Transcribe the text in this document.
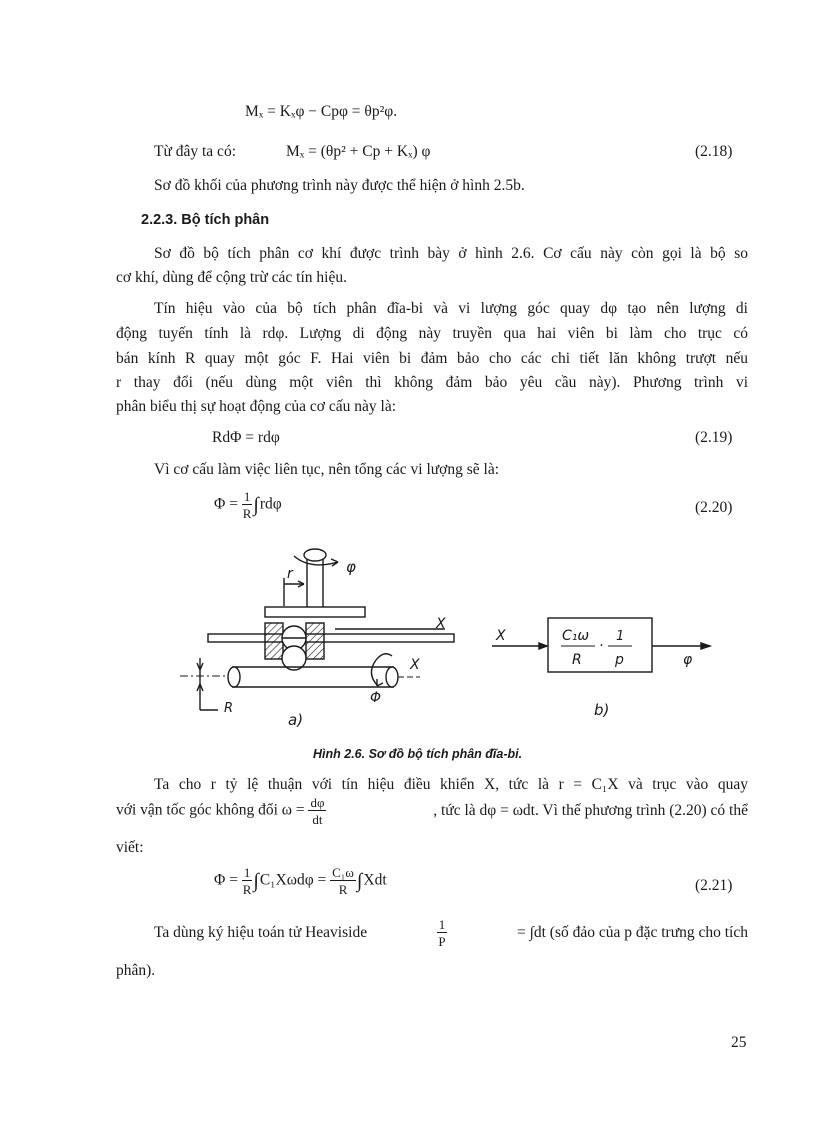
Mₓ = Kₓφ − Cpφ = θp²φ.
Từ đây ta có:	Mₓ = (θp² + Cp + Kₓ) φ	(2.18)
Sơ đồ khối của phương trình này được thể hiện ở hình 2.5b.
2.2.3. Bộ tích phân
Sơ đồ bộ tích phân cơ khí được trình bày ở hình 2.6. Cơ cấu này còn gọi là bộ so
cơ khí, dùng để cộng trừ các tín hiệu.
Tín hiệu vào của bộ tích phân đĩa-bi và vi lượng góc quay dφ tạo nên lượng di
động tuyến tính là rdφ. Lượng di động này truyền qua hai viên bi làm cho trục có
bán kính R quay một góc F. Hai viên bi đảm bảo cho các chi tiết lăn không trượt nếu
r thay đổi (nếu dùng một viên thì không đảm bảo yêu cầu này). Phương trình vi
phân biểu thị sự hoạt động của cơ cấu này là:
RdΦ = rdφ	(2.19)
Vì cơ cấu làm việc liên tục, nên tổng các vi lượng sẽ là:
$\Phi = \frac{1}{R} \int rd\varphi$	(2.20)
φ
r
X
X
Φ
R
a)
X	C₁ω 1
R
·
p	φ
b)
Hình 2.6. Sơ đồ bộ tích phân đĩa-bi.
Ta cho r tỷ lệ thuận với tín hiệu điều khiển X, tức là r = C₁X và trục vào quay
với vận tốc góc không đổi $\omega = \frac{d\varphi}{dt}$	, tức là dφ = ωdt. Vì thế phương trình (2.20) có thể
viết:
$\Phi = \frac{1}{R} \int C_1X\omega d\varphi = \frac{\text{C₁ω}}{R} \int Xdt$	(2.21)
Ta dùng ký hiệu toán tử Heaviside	$\frac{1}{P}$	= ∫dt (số đảo của p đặc trưng cho tích
phân).
25
